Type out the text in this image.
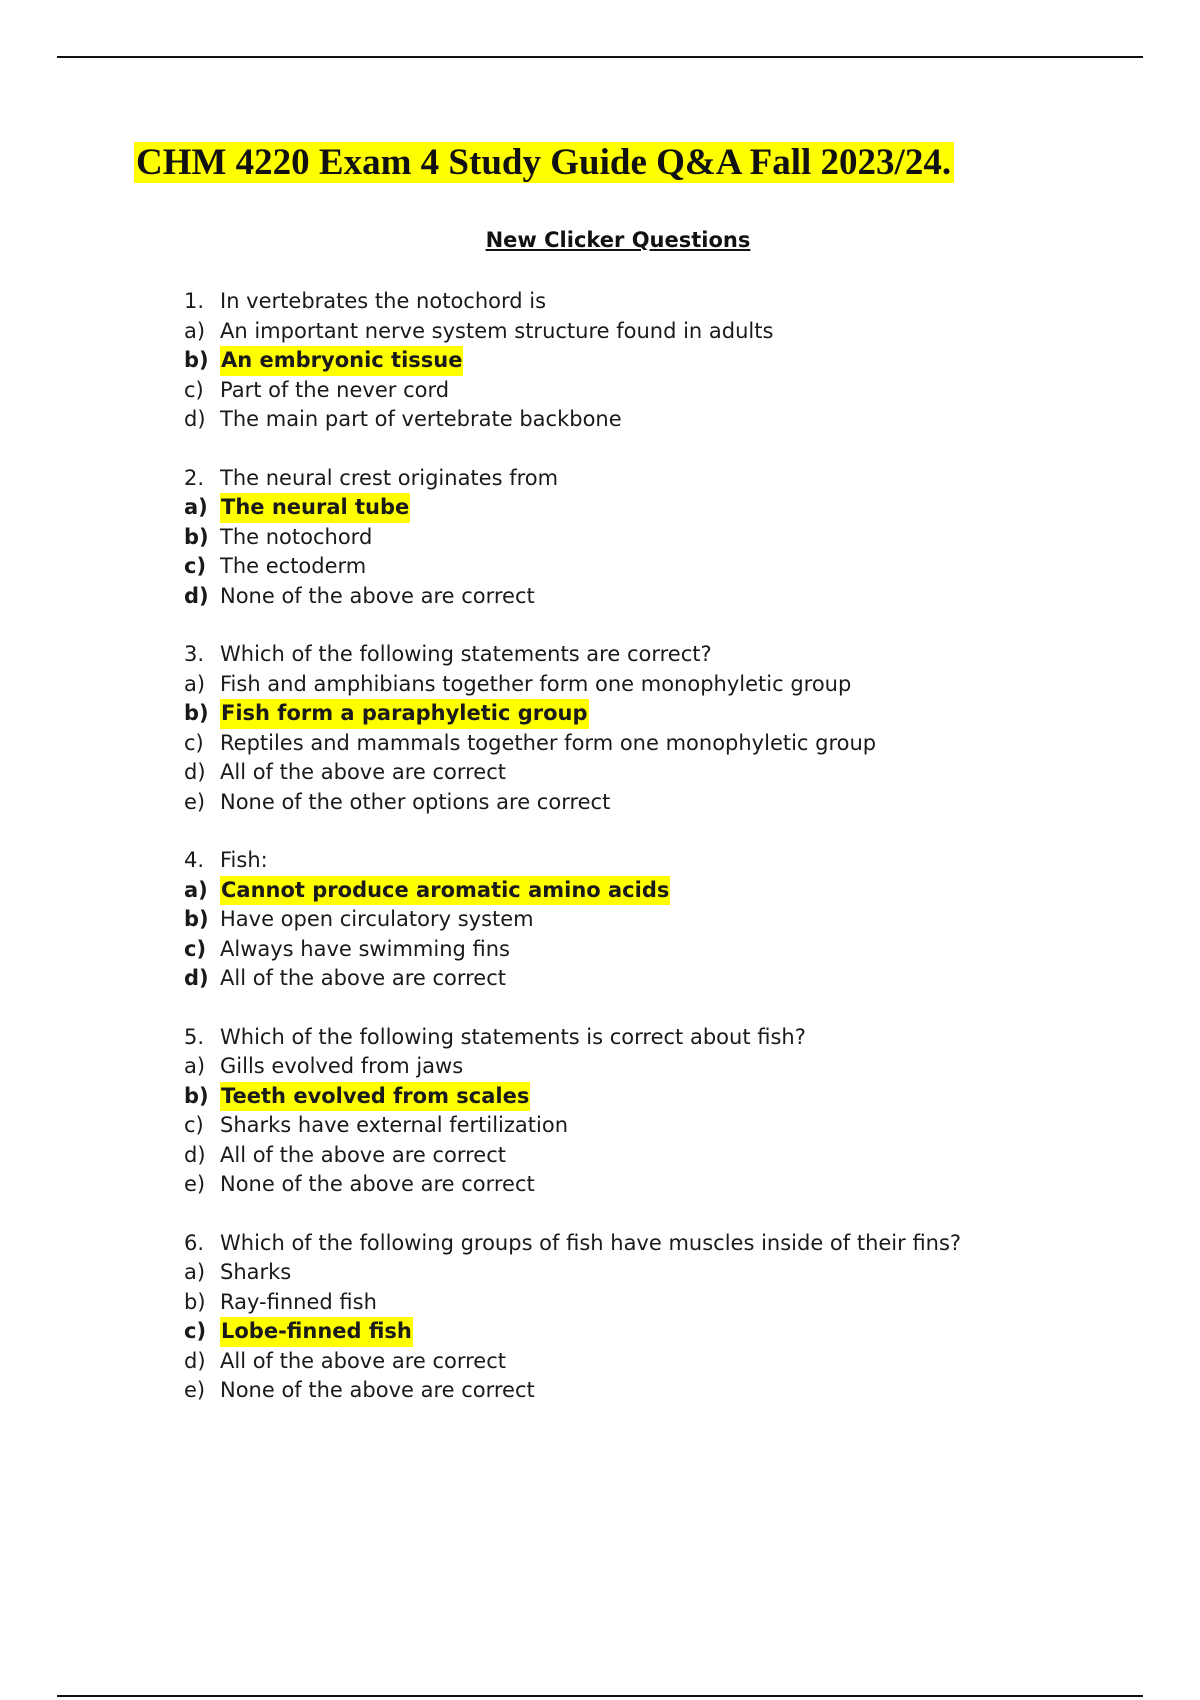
CHM 4220 Exam 4 Study Guide Q&A Fall 2023/24.

New Clicker Questions

1. In vertebrates the notochord is
a) An important nerve system structure found in adults
b) An embryonic tissue
c) Part of the never cord
d) The main part of vertebrate backbone
2. The neural crest originates from
a) The neural tube
b) The notochord
c) The ectoderm
d) None of the above are correct
3. Which of the following statements are correct?
a) Fish and amphibians together form one monophyletic group
b) Fish form a paraphyletic group
c) Reptiles and mammals together form one monophyletic group
d) All of the above are correct
e) None of the other options are correct
4. Fish:
a) Cannot produce aromatic amino acids
b) Have open circulatory system
c) Always have swimming fins
d) All of the above are correct
5. Which of the following statements is correct about fish?
a) Gills evolved from jaws
b) Teeth evolved from scales
c) Sharks have external fertilization
d) All of the above are correct
e) None of the above are correct
6. Which of the following groups of fish have muscles inside of their fins?
a) Sharks
b) Ray-finned fish
c) Lobe-finned fish
d) All of the above are correct
e) None of the above are correct
